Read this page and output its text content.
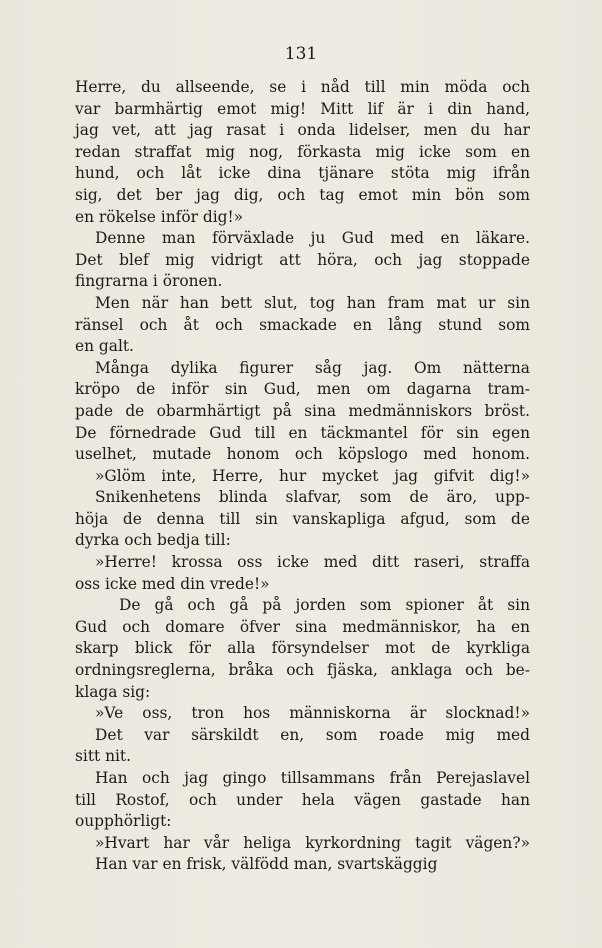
131
Herre, du allseende, se i nåd till min möda och
var barmhärtig emot mig! Mitt lif är i din hand,
jag vet, att jag rasat i onda lidelser, men du har
redan straffat mig nog, förkasta mig icke som en
hund, och låt icke dina tjänare stöta mig ifrån
sig, det ber jag dig, och tag emot min bön som
en rökelse inför dig!»
Denne man förväxlade ju Gud med en läkare.
Det blef mig vidrigt att höra, och jag stoppade
fingrarna i öronen.
Men när han bett slut, tog han fram mat ur sin
ränsel och åt och smackade en lång stund som
en galt.
Många dylika figurer såg jag. Om nätterna
kröpo de inför sin Gud, men om dagarna tram-
pade de obarmhärtigt på sina medmänniskors bröst.
De förnedrade Gud till en täckmantel för sin egen
uselhet, mutade honom och köpslogo med honom.
»Glöm inte, Herre, hur mycket jag gifvit dig!»
Snikenhetens blinda slafvar, som de äro, upp-
höja de denna till sin vanskapliga afgud, som de
dyrka och bedja till:
»Herre! krossa oss icke med ditt raseri, straffa
oss icke med din vrede!»
De gå och gå på jorden som spioner åt sin
Gud och domare öfver sina medmänniskor, ha en
skarp blick för alla försyndelser mot de kyrkliga
ordningsreglerna, bråka och fjäska, anklaga och be-
klaga sig:
»Ve oss, tron hos människorna är slocknad!»
Det var särskildt en, som roade mig med
sitt nit.
Han och jag gingo tillsammans från Perejaslavel
till Rostof, och under hela vägen gastade han
oupphörligt:
»Hvart har vår heliga kyrkordning tagit vägen?»
Han var en frisk, välfödd man, svartskäggig
